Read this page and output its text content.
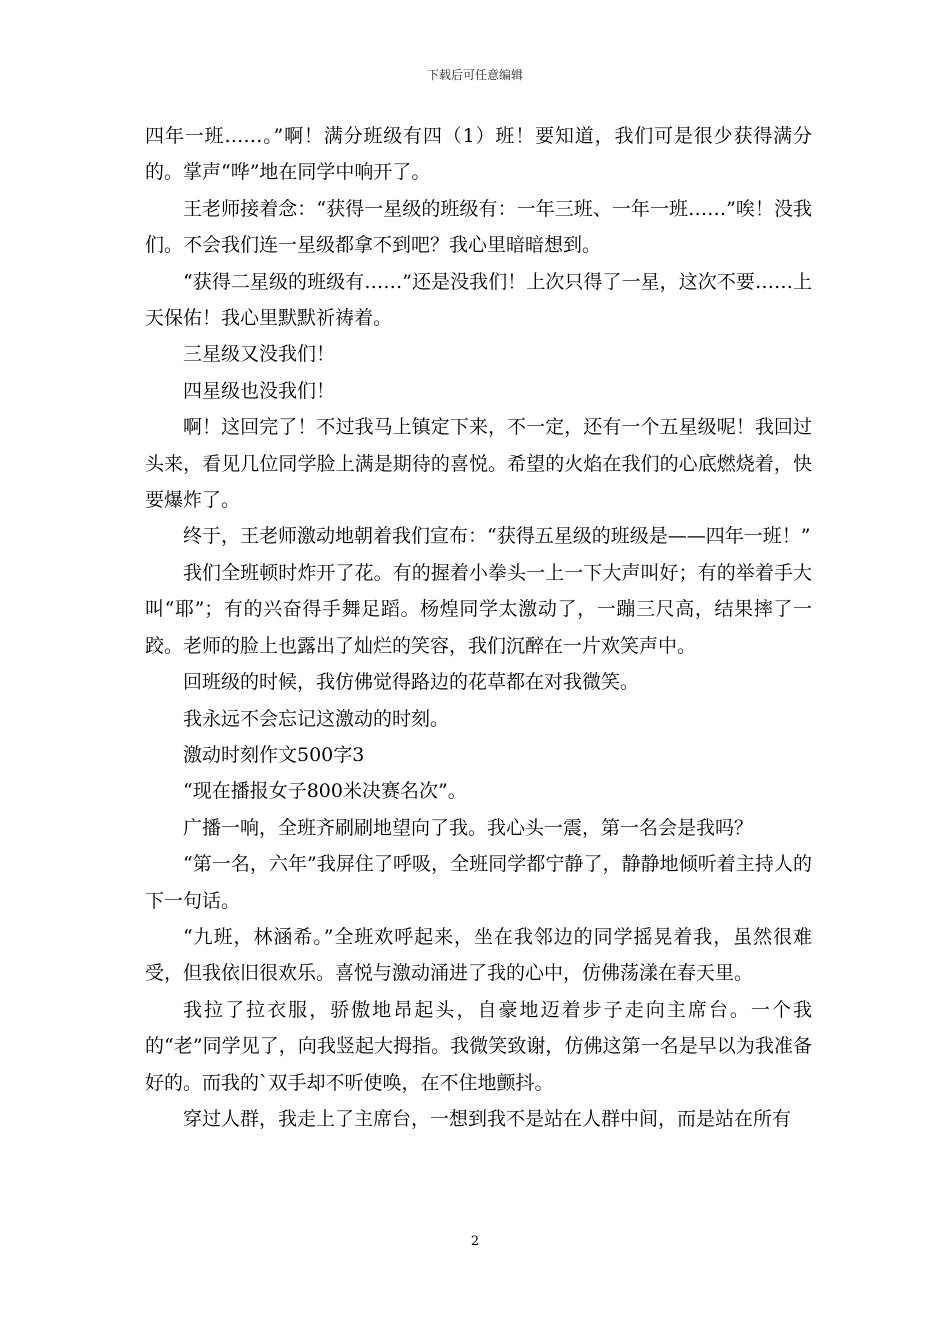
下载后可任意编辑

四年一班……。”啊！满分班级有四（1）班！要知道，我们可是很少获得满分的。掌声“哗”地在同学中响开了。

王老师接着念：“获得一星级的班级有：一年三班、一年一班……”唉！没我们。不会我们连一星级都拿不到吧？我心里暗暗想到。

“获得二星级的班级有……”还是没我们！上次只得了一星，这次不要……上天保佑！我心里默默祈祷着。

三星级又没我们！

四星级也没我们！

啊！这回完了！不过我马上镇定下来，不一定，还有一个五星级呢！我回过头来，看见几位同学脸上满是期待的喜悦。希望的火焰在我们的心底燃烧着，快要爆炸了。

终于，王老师激动地朝着我们宣布：“获得五星级的班级是——四年一班！”

我们全班顿时炸开了花。有的握着小拳头一上一下大声叫好；有的举着手大叫“耶”；有的兴奋得手舞足蹈。杨煌同学太激动了，一蹦三尺高，结果摔了一跤。老师的脸上也露出了灿烂的笑容，我们沉醉在一片欢笑声中。

回班级的时候，我仿佛觉得路边的花草都在对我微笑。

我永远不会忘记这激动的时刻。

激动时刻作文500字3

“现在播报女子800米决赛名次”。

广播一响，全班齐刷刷地望向了我。我心头一震，第一名会是我吗？

“第一名，六年”我屏住了呼吸，全班同学都宁静了，静静地倾听着主持人的下一句话。

“九班，林涵希。”全班欢呼起来，坐在我邻边的同学摇晃着我，虽然很难受，但我依旧很欢乐。喜悦与激动涌进了我的心中，仿佛荡漾在春天里。

我拉了拉衣服，骄傲地昂起头，自豪地迈着步子走向主席台。一个我的“老”同学见了，向我竖起大拇指。我微笑致谢，仿佛这第一名是早以为我准备好的。而我的`双手却不听使唤，在不住地颤抖。

穿过人群，我走上了主席台，一想到我不是站在人群中间，而是站在所有

2
